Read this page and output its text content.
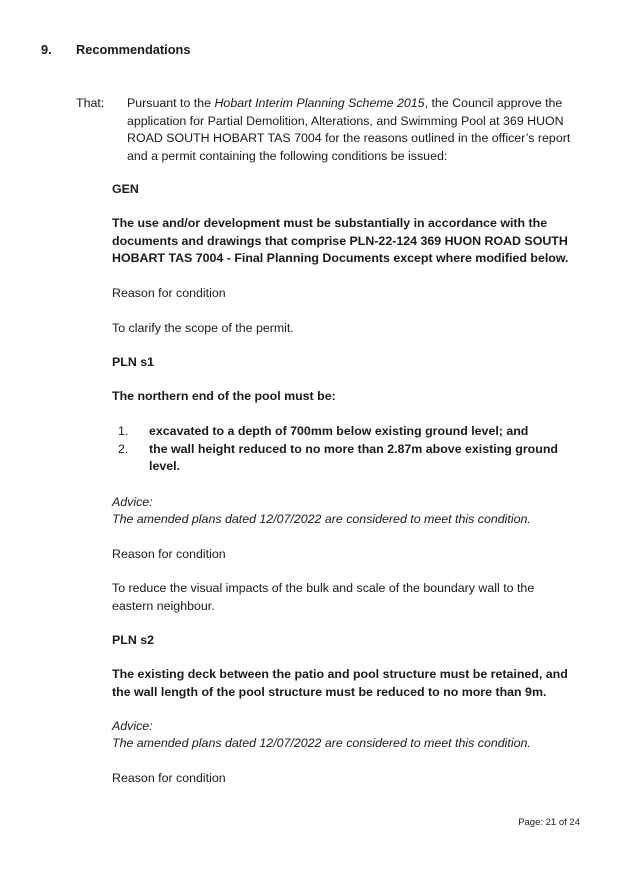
9. Recommendations
That: Pursuant to the Hobart Interim Planning Scheme 2015, the Council approve the application for Partial Demolition, Alterations, and Swimming Pool at 369 HUON ROAD SOUTH HOBART TAS 7004 for the reasons outlined in the officer’s report and a permit containing the following conditions be issued:
GEN
The use and/or development must be substantially in accordance with the documents and drawings that comprise PLN-22-124 369 HUON ROAD SOUTH HOBART TAS 7004 - Final Planning Documents except where modified below.
Reason for condition
To clarify the scope of the permit.
PLN s1
The northern end of the pool must be:
1. excavated to a depth of 700mm below existing ground level; and
2. the wall height reduced to no more than 2.87m above existing ground level.
Advice:
The amended plans dated 12/07/2022 are considered to meet this condition.
Reason for condition
To reduce the visual impacts of the bulk and scale of the boundary wall to the eastern neighbour.
PLN s2
The existing deck between the patio and pool structure must be retained, and the wall length of the pool structure must be reduced to no more than 9m.
Advice:
The amended plans dated 12/07/2022 are considered to meet this condition.
Reason for condition
Page: 21 of 24
